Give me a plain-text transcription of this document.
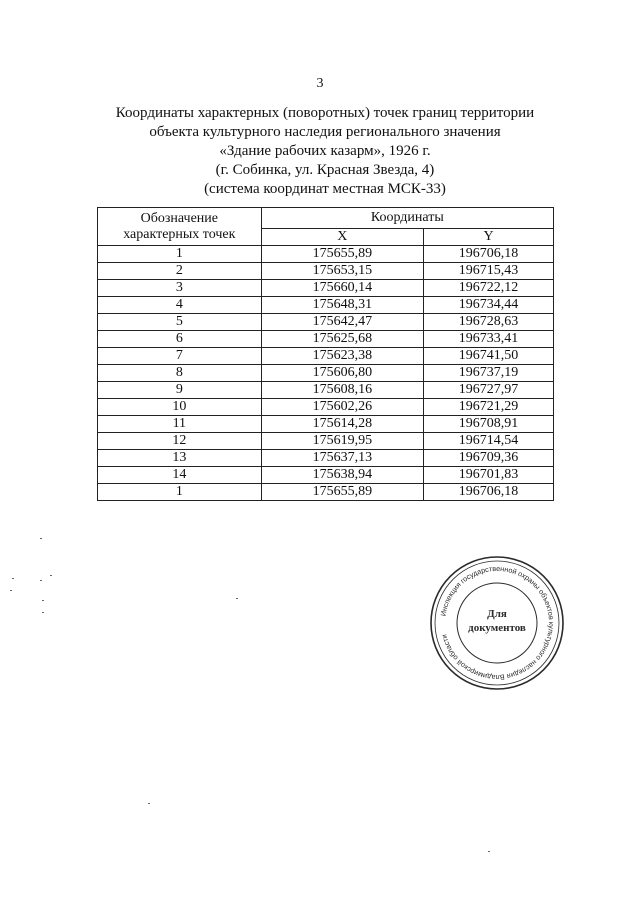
3
Координаты характерных (поворотных) точек границ территории
объекта культурного наследия регионального значения
«Здание рабочих казарм», 1926 г.
(г. Собинка, ул. Красная Звезда, 4)
(система координат местная МСК-33)
Обозначение
характерных точек	Координаты	
	X	Y
1	175655,89	196706,18
2	175653,15	196715,43
3	175660,14	196722,12
4	175648,31	196734,44
5	175642,47	196728,63
6	175625,68	196733,41
7	175623,38	196741,50
8	175606,80	196737,19
9	175608,16	196727,97
10	175602,26	196721,29
11	175614,28	196708,91
12	175619,95	196714,54
13	175637,13	196709,36
14	175638,94	196701,83
1	175655,89	196706,18
Инспекция государственной охраны объектов культурного наследия Владимирской области
Для
документов
